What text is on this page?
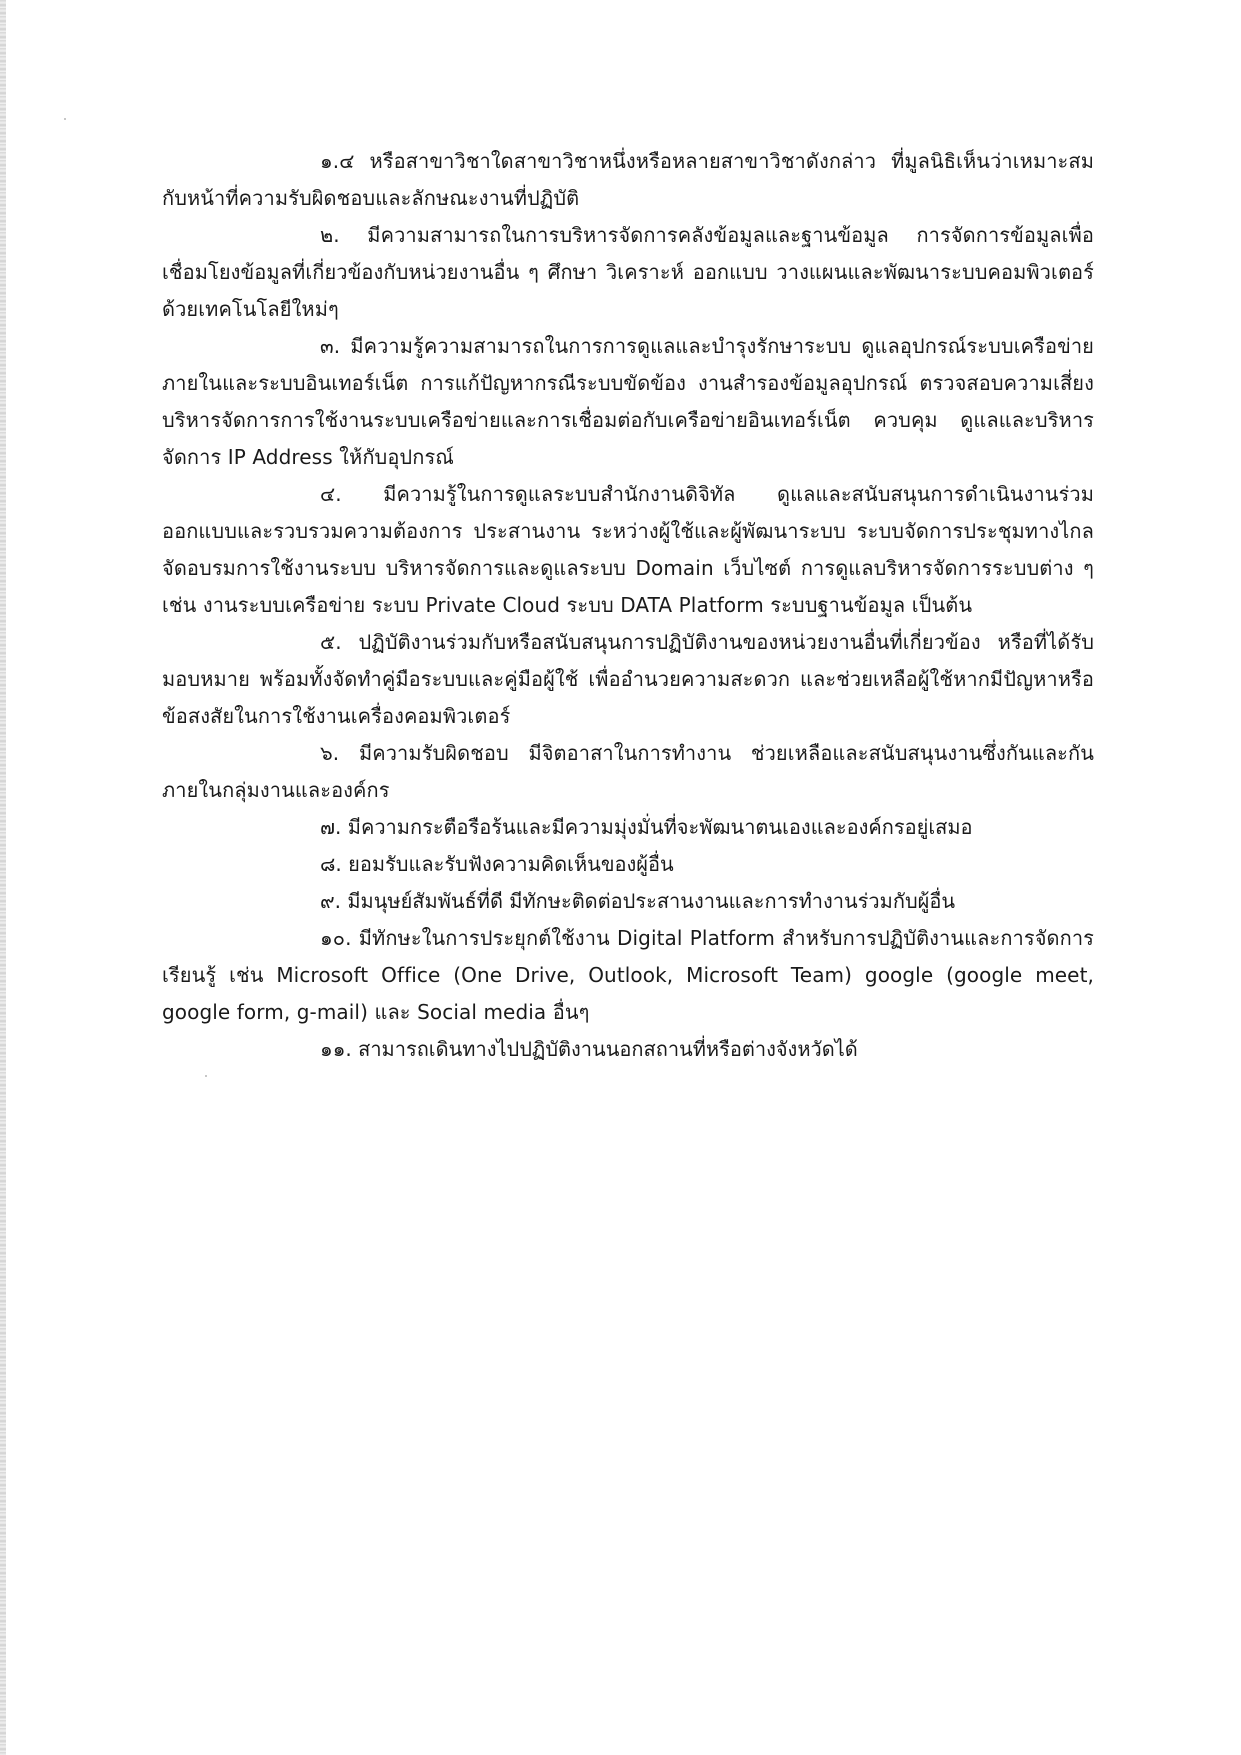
๑.๔ หรือสาขาวิชาใดสาขาวิชาหนึ่งหรือหลายสาขาวิชาดังกล่าว ที่มูลนิธิเห็นว่าเหมาะสมกับหน้าที่ความรับผิดชอบและลักษณะงานที่ปฏิบัติ

๒. มีความสามารถในการบริหารจัดการคลังข้อมูลและฐานข้อมูล การจัดการข้อมูลเพื่อเชื่อมโยงข้อมูลที่เกี่ยวข้องกับหน่วยงานอื่น ๆ ศึกษา วิเคราะห์ ออกแบบ วางแผนและพัฒนาระบบคอมพิวเตอร์ด้วยเทคโนโลยีใหม่ๆ

๓. มีความรู้ความสามารถในการการดูแลและบำรุงรักษาระบบ ดูแลอุปกรณ์ระบบเครือข่ายภายในและระบบอินเทอร์เน็ต การแก้ปัญหากรณีระบบขัดข้อง งานสำรองข้อมูลอุปกรณ์ ตรวจสอบความเสี่ยงบริหารจัดการการใช้งานระบบเครือข่ายและการเชื่อมต่อกับเครือข่ายอินเทอร์เน็ต ควบคุม ดูแลและบริหารจัดการ IP Address ให้กับอุปกรณ์

๔. มีความรู้ในการดูแลระบบสำนักงานดิจิทัล ดูแลและสนับสนุนการดำเนินงานร่วมออกแบบและรวบรวมความต้องการ ประสานงาน ระหว่างผู้ใช้และผู้พัฒนาระบบ ระบบจัดการประชุมทางไกลจัดอบรมการใช้งานระบบ บริหารจัดการและดูแลระบบ Domain เว็บไซต์ การดูแลบริหารจัดการระบบต่าง ๆ เช่น งานระบบเครือข่าย ระบบ Private Cloud ระบบ DATA Platform ระบบฐานข้อมูล เป็นต้น

๕. ปฏิบัติงานร่วมกับหรือสนับสนุนการปฏิบัติงานของหน่วยงานอื่นที่เกี่ยวข้อง หรือที่ได้รับมอบหมาย พร้อมทั้งจัดทำคู่มือระบบและคู่มือผู้ใช้ เพื่ออำนวยความสะดวก และช่วยเหลือผู้ใช้หากมีปัญหาหรือข้อสงสัยในการใช้งานเครื่องคอมพิวเตอร์

๖. มีความรับผิดชอบ มีจิตอาสาในการทำงาน ช่วยเหลือและสนับสนุนงานซึ่งกันและกันภายในกลุ่มงานและองค์กร

๗. มีความกระตือรือร้นและมีความมุ่งมั่นที่จะพัฒนาตนเองและองค์กรอยู่เสมอ

๘. ยอมรับและรับฟังความคิดเห็นของผู้อื่น

๙. มีมนุษย์สัมพันธ์ที่ดี มีทักษะติดต่อประสานงานและการทำงานร่วมกับผู้อื่น

๑๐. มีทักษะในการประยุกต์ใช้งาน Digital Platform สำหรับการปฏิบัติงานและการจัดการเรียนรู้ เช่น Microsoft Office (One Drive, Outlook, Microsoft Team) google (google meet, google form, g-mail) และ Social media อื่นๆ

๑๑. สามารถเดินทางไปปฏิบัติงานนอกสถานที่หรือต่างจังหวัดได้
